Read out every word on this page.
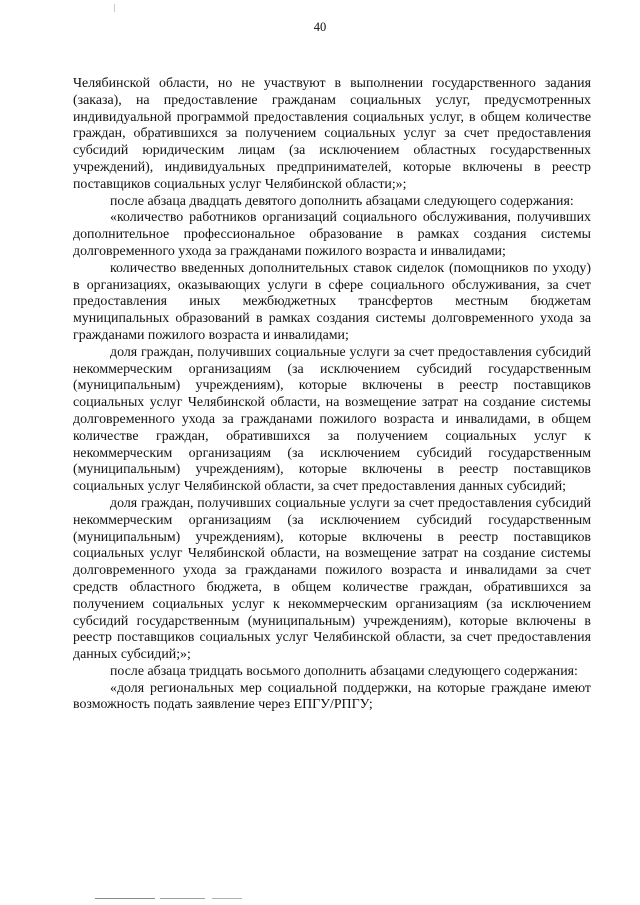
40

Челябинской области, но не участвуют в выполнении государственного задания (заказа), на предоставление гражданам социальных услуг, предусмотренных индивидуальной программой предоставления социальных услуг, в общем количестве граждан, обратившихся за получением социальных услуг за счет предоставления субсидий юридическим лицам (за исключением областных государственных учреждений), индивидуальных предпринимателей, которые включены в реестр поставщиков социальных услуг Челябинской области;»;

после абзаца двадцать девятого дополнить абзацами следующего содержания:

«количество работников организаций социального обслуживания, получивших дополнительное профессиональное образование в рамках создания системы долговременного ухода за гражданами пожилого возраста и инвалидами;

количество введенных дополнительных ставок сиделок (помощников по уходу) в организациях, оказывающих услуги в сфере социального обслуживания, за счет предоставления иных межбюджетных трансфертов местным бюджетам муниципальных образований в рамках создания системы долговременного ухода за гражданами пожилого возраста и инвалидами;

доля граждан, получивших социальные услуги за счет предоставления субсидий некоммерческим организациям (за исключением субсидий государственным (муниципальным) учреждениям), которые включены в реестр поставщиков социальных услуг Челябинской области, на возмещение затрат на создание системы долговременного ухода за гражданами пожилого возраста и инвалидами, в общем количестве граждан, обратившихся за получением социальных услуг к некоммерческим организациям (за исключением субсидий государственным (муниципальным) учреждениям), которые включены в реестр поставщиков социальных услуг Челябинской области, за счет предоставления данных субсидий;

доля граждан, получивших социальные услуги за счет предоставления субсидий некоммерческим организациям (за исключением субсидий государственным (муниципальным) учреждениям), которые включены в реестр поставщиков социальных услуг Челябинской области, на возмещение затрат на создание системы долговременного ухода за гражданами пожилого возраста и инвалидами за счет средств областного бюджета, в общем количестве граждан, обратившихся за получением социальных услуг к некоммерческим организациям (за исключением субсидий государственным (муниципальным) учреждениям), которые включены в реестр поставщиков социальных услуг Челябинской области, за счет предоставления данных субсидий;»;

после абзаца тридцать восьмого дополнить абзацами следующего содержания:

«доля региональных мер социальной поддержки, на которые граждане имеют возможность подать заявление через ЕПГУ/РПГУ;
